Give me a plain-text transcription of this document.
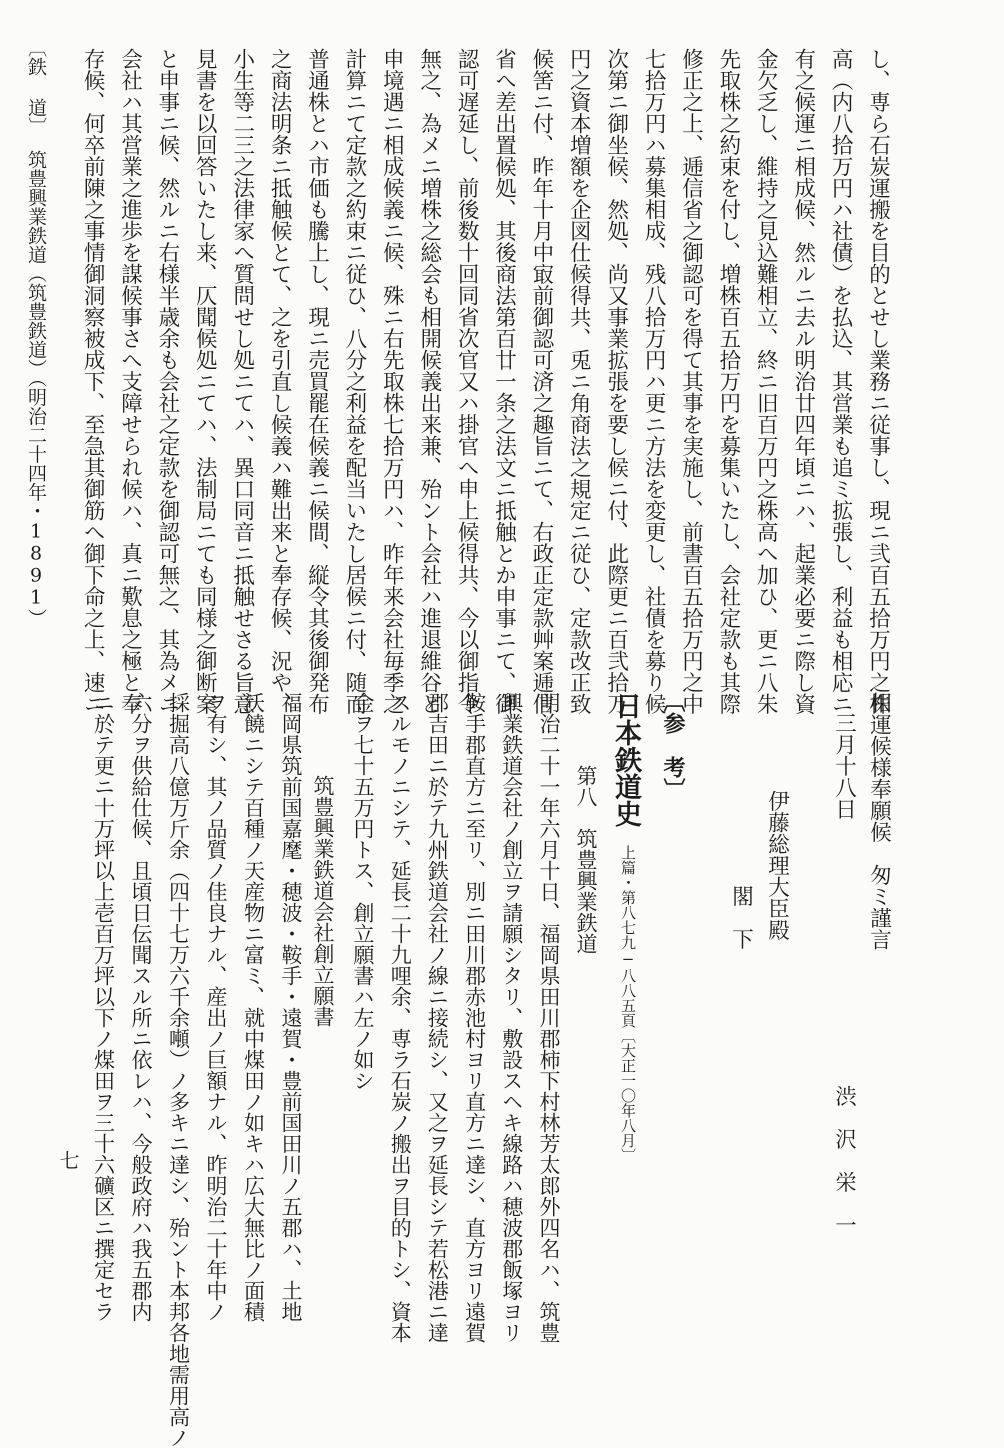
し、専ら石炭運搬を目的とせし業務ニ従事し、現ニ弐百五拾万円之株
高（内八拾万円ハ社債）を払込、其営業も追ミ拡張し、利益も相応ニ
有之候運ニ相成候、然ルニ去ル明治廿四年頃ニハ、起業必要ニ際し資
金欠乏し、維持之見込難相立、終ニ旧百万円之株高へ加ひ、更ニ八朱
先取株之約束を付し、増株百五拾万円を募集いたし、会社定款も其際
修正之上、逓信省之御認可を得て其事を実施し、前書百五拾万円之中
七拾万円ハ募集相成、残八拾万円ハ更ニ方法を変更し、社債を募り候
次第ニ御坐候、然処、尚又事業拡張を要し候ニ付、此際更ニ百弐拾万
円之資本増額を企図仕候得共、兎ニ角商法之規定ニ従ひ、定款改正致
候筈ニ付、昨年十月中㝡前御認可済之趣旨ニて、右政正定款艸案逓信
省へ差出置候処、其後商法第百廿一条之法文ニ抵触とか申事ニて、御
認可遅延し、前後数十回同省次官又ハ掛官へ申上候得共、今以御指令
無之、為メニ増株之総会も相開候義出来兼、殆ント会社ハ進退維谷と
申境遇ニ相成候義ニ候、殊ニ右先取株七拾万円ハ、昨年来会社毎季之
計算ニて定款之約束ニ従ひ、八分之利益を配当いたし居候ニ付、随而
普通株とハ市価も騰上し、現ニ売買罷在候義ニ候間、縦令其後御発布
之商法明条ニ抵触候とて、之を引直し候義ハ難出来と奉存候、況や、
小生等二三之法律家へ質問せし処ニてハ、異口同音ニ抵触せさる旨意
見書を以回答いたし来、仄聞候処ニてハ、法制局ニても同様之御断案
と申事ニ候、然ルニ右様半歳余も会社之定款を御認可無之、其為メニ
会社ハ其営業之進歩を謀候事さへ支障せられ候ハ、真ニ歎息之極と奉
存候、何卒前陳之事情御洞察被成下、至急其御筋へ御下命之上、速ニ
〔鉄 道〕
筑豊興業鉄道（筑豊鉄道）（明治二十四年・1891）
相運候様奉願候　匆ミ謹言
三月十八日
渋　沢　栄　一
伊藤総理大臣殿
閣　下
〔参　考〕
日本鉄道史
上篇・第八七九−八八五頁〔大正一〇年八月〕
第八　筑豊興業鉄道
明治二十一年六月十日、福岡県田川郡柿下村林芳太郎外四名ハ、筑豊
興業鉄道会社ノ創立ヲ請願シタリ、敷設スヘキ線路ハ穂波郡飯塚ヨリ
鞍手郡直方ニ至リ、別ニ田川郡赤池村ヨリ直方ニ達シ、直方ヨリ遠賀
郡吉田ニ於テ九州鉄道会社ノ線ニ接続シ、又之ヲ延長シテ若松港ニ達
スルモノニシテ、延長二十九哩余、専ラ石炭ノ搬出ヲ目的トシ、資本
金ヲ七十五万円トス、創立願書ハ左ノ如シ
筑豊興業鉄道会社創立願書
福岡県筑前国嘉麾・穂波・鞍手・遠賀・豊前国田川ノ五郡ハ、土地
沃饒ニシテ百種ノ天産物ニ富ミ、就中煤田ノ如キハ広大無比ノ面積
ヲ有シ、其ノ品質ノ佳良ナル、産出ノ巨額ナル、昨明治二十年中ノ
採掘高八億万斤余（四十七万六千余噸）ノ多キニ達シ、殆ント本邦各地需用高ノ
六分ヲ供給仕候、且頃日伝聞スル所ニ依レハ、今般政府ハ我五郡内
ニ於テ更ニ十万坪以上壱百万坪以下ノ煤田ヲ三十六礦区ニ撰定セラ
七
